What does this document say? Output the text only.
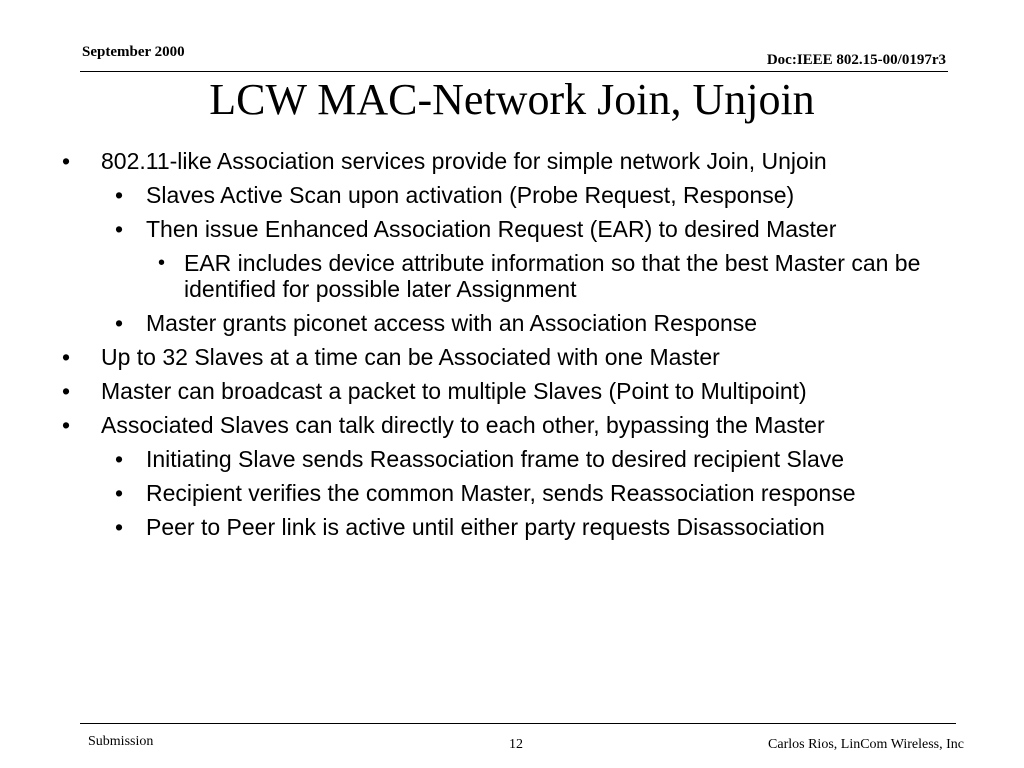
September 2000	Doc:IEEE 802.15-00/0197r3
LCW MAC-Network Join, Unjoin
• 802.11-like Association services provide for simple network Join, Unjoin
• Slaves Active Scan upon activation (Probe Request, Response)
• Then issue Enhanced Association Request (EAR) to desired Master
• EAR includes device attribute information so that the best Master can be identified for possible later Assignment
• Master grants piconet access with an Association Response
• Up to 32 Slaves at a time can be Associated with one Master
• Master can broadcast a packet to multiple Slaves (Point to Multipoint)
• Associated Slaves can talk directly to each other, bypassing the Master
• Initiating Slave sends Reassociation frame to desired recipient Slave
• Recipient verifies the common Master, sends Reassociation response
• Peer to Peer link is active until either party requests Disassociation
Submission	12	Carlos Rios, LinCom Wireless, Inc
